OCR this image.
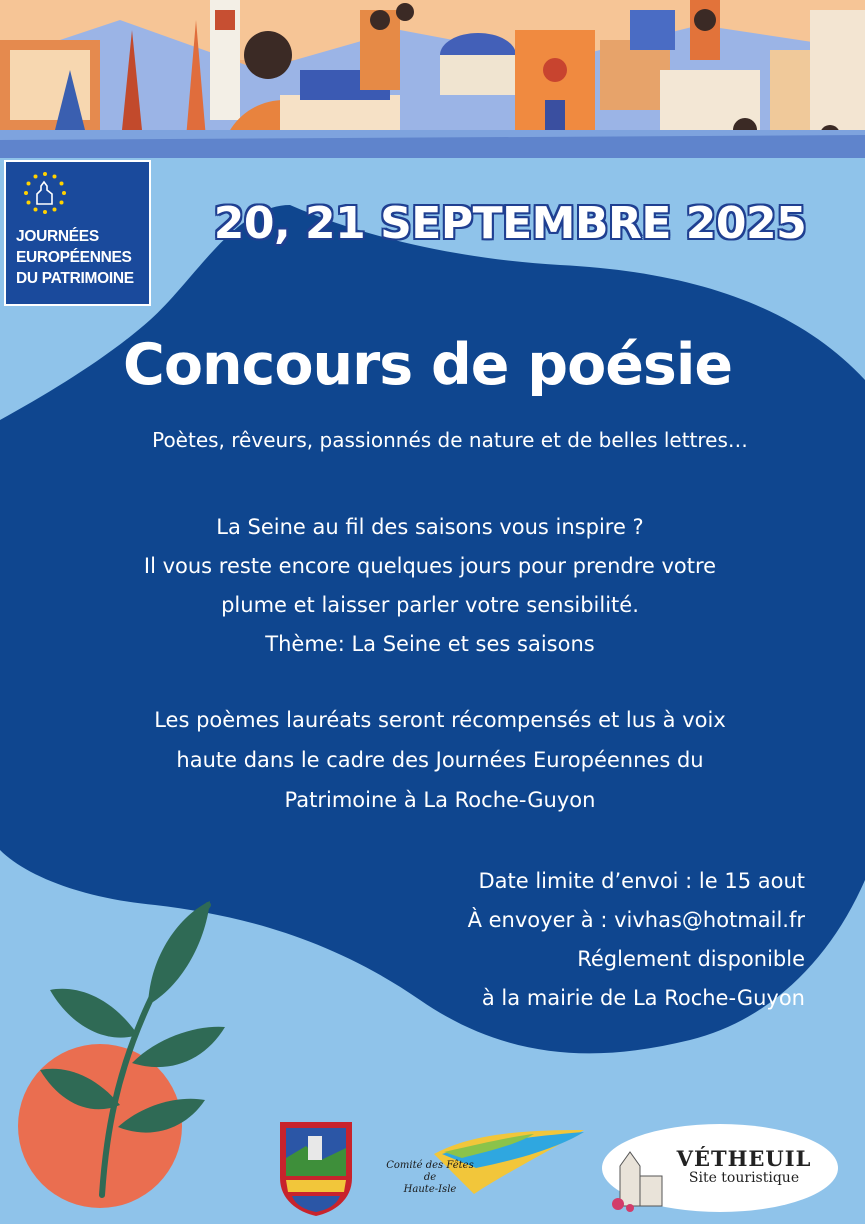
JOURNÉES
EUROPÉENNES
DU PATRIMOINE
20, 21 SEPTEMBRE 2025
Concours de poésie
Poètes, rêveurs, passionnés de nature et de belles lettres…
La Seine au fil des saisons vous inspire ?
Il vous reste encore quelques jours pour prendre votre
plume et laisser parler votre sensibilité.
Thème: La Seine et ses saisons
Les poèmes lauréats seront récompensés et lus à voix
haute dans le cadre des Journées Européennes du
Patrimoine à La Roche-Guyon
Date limite d’envoi : le 15 aout
À envoyer à : vivhas@hotmail.fr
Réglement disponible
à la mairie de La Roche-Guyon
Comité des Fêtes
de
Haute-Isle
VÉTHEUIL
Site touristique
